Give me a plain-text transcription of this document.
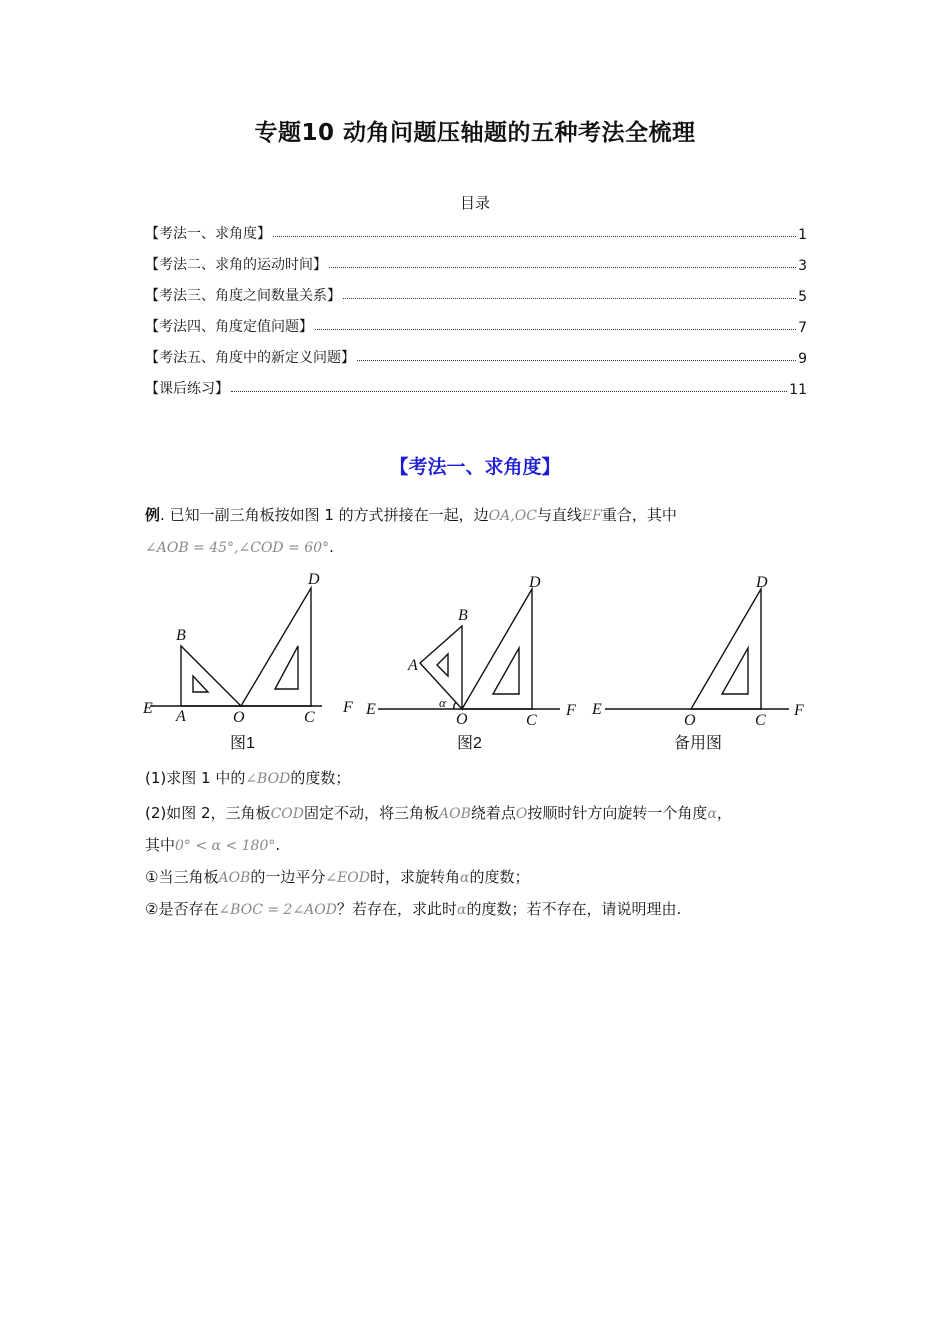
专题10 动角问题压轴题的五种考法全梳理
目录
【考法一、求角度】	1
【考法二、求角的运动时间】	3
【考法三、角度之间数量关系】	5
【考法四、角度定值问题】	7
【考法五、角度中的新定义问题】	9
【课后练习】	11
【考法一、求角度】
例. 已知一副三角板按如图 1 的方式拼接在一起，边OA,OC与直线EF重合，其中
∠AOB = 45°,∠COD = 60°.
E A	O	C
F
B
D
图1
E
O	C
F
A
B
D
α
图2
E
O	C
F
D
备用图
(1)求图 1 中的∠BOD的度数；
(2)如图 2，三角板COD固定不动，将三角板AOB绕着点O按顺时针方向旋转一个角度α，
其中0° < α < 180°.
①当三角板AOB的一边平分∠EOD时，求旋转角α的度数；
②是否存在∠BOC = 2∠AOD？若存在，求此时α的度数；若不存在，请说明理由.
